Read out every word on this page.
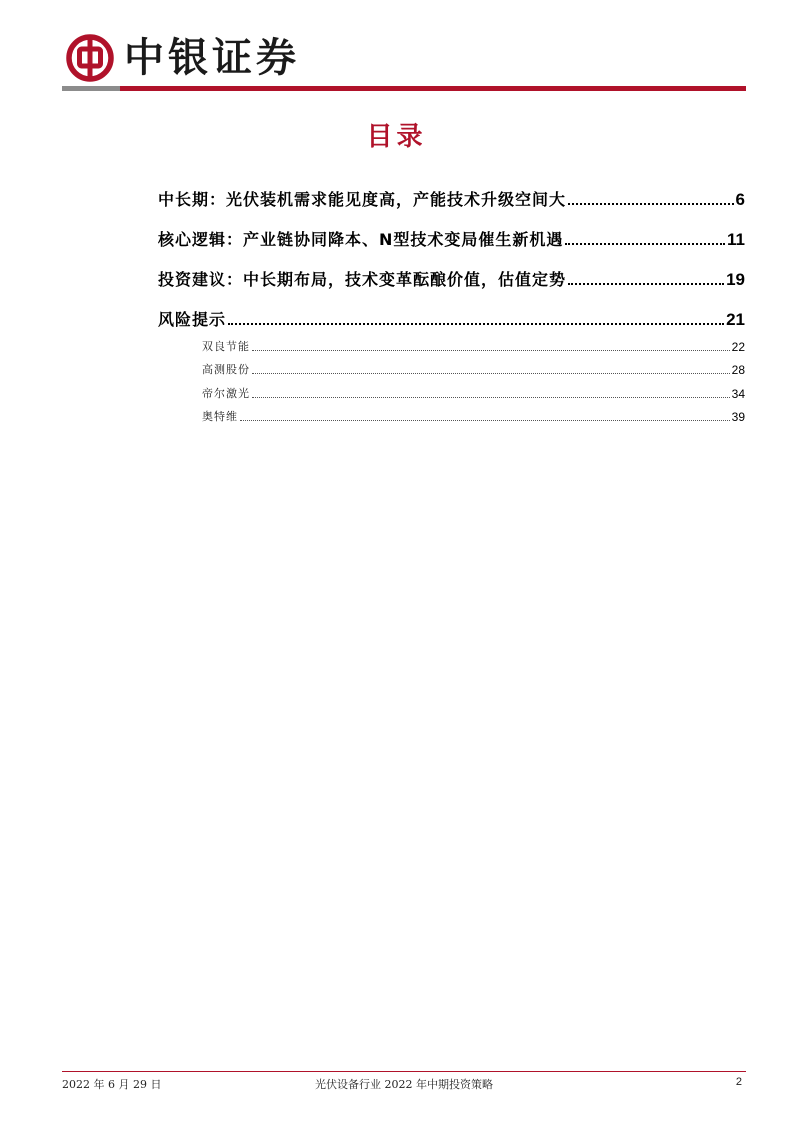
中银证券
目录
中长期：光伏装机需求能见度高，产能技术升级空间大	6
核心逻辑：产业链协同降本、N型技术变局催生新机遇	11
投资建议：中长期布局，技术变革酝酿价值，估值定势	19
风险提示	21
双良节能	22
高测股份	28
帝尔激光	34
奥特维	39
2022 年 6 月 29 日	光伏设备行业 2022 年中期投资策略	2
